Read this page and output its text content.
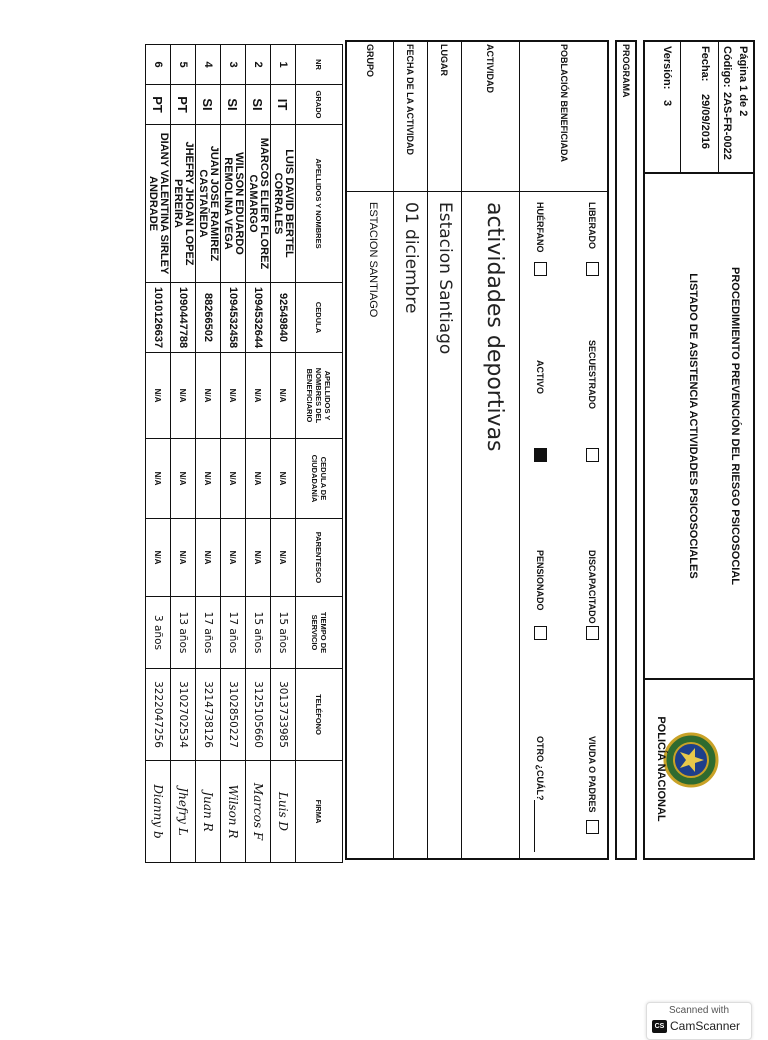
Página 1 de 2
Código:
2AS-FR-0022
Fecha:
29/09/2016
Versión:
3
PROCEDIMIENTO PREVENCIÓN DEL RIESGO PSICOSOCIAL
LISTADO DE ASISTENCIA ACTIVIDADES PSICOSOCIALES
POLICÍA NACIONAL
PROGRAMA
POBLACIÓN BENEFICIADA
LIBERADO
HUÉRFANO
SECUESTRADO
ACTIVO
DISCAPACITADO
PENSIONADO
VIUDA O PADRES
OTRO ¿CUÁL?
ACTIVIDAD
actividades deportivas
LUGAR
Estacion Santiago
FECHA DE LA ACTIVIDAD
01 diciembre
GRUPO
ESTACION SANTIAGO
NR	GRADO	APELLIDOS Y NOMBRES	CEDULA	APELLIDOS Y NOMBRES DEL BENEFICIARIO	CEDULA DE CIUDADANÍA	PARENTESCO	TIEMPO DE SERVICIO	TELÉFONO	FIRMA
1	IT	LUIS DAVID BERTEL CORRALES	92549840	N/A	N/A	N/A	15 años	3013733985	Luis D
2	SI	MARCOS ELIER FLOREZ CAMARGO	1094532644	N/A	N/A	N/A	15 años	3125105660	Marcos F
3	SI	WILSON EDUARDO REMOLINA VEGA	1094532458	N/A	N/A	N/A	17 años	3102850227	Wilson R
4	SI	JUAN JOSE RAMIREZ CASTAÑEDA	88266502	N/A	N/A	N/A	17 años	3214738126	Juan R
5	PT	JHEFRY JHOAN LOPEZ PEREIRA	1090447788	N/A	N/A	N/A	13 años	3102702534	Jhefry L
6	PT	DIANY VALENTINA SIRLEY ANDRADE	1010126637	N/A	N/A	N/A	3 años	3222047256	Dianny b
Scanned with
CS CamScanner
